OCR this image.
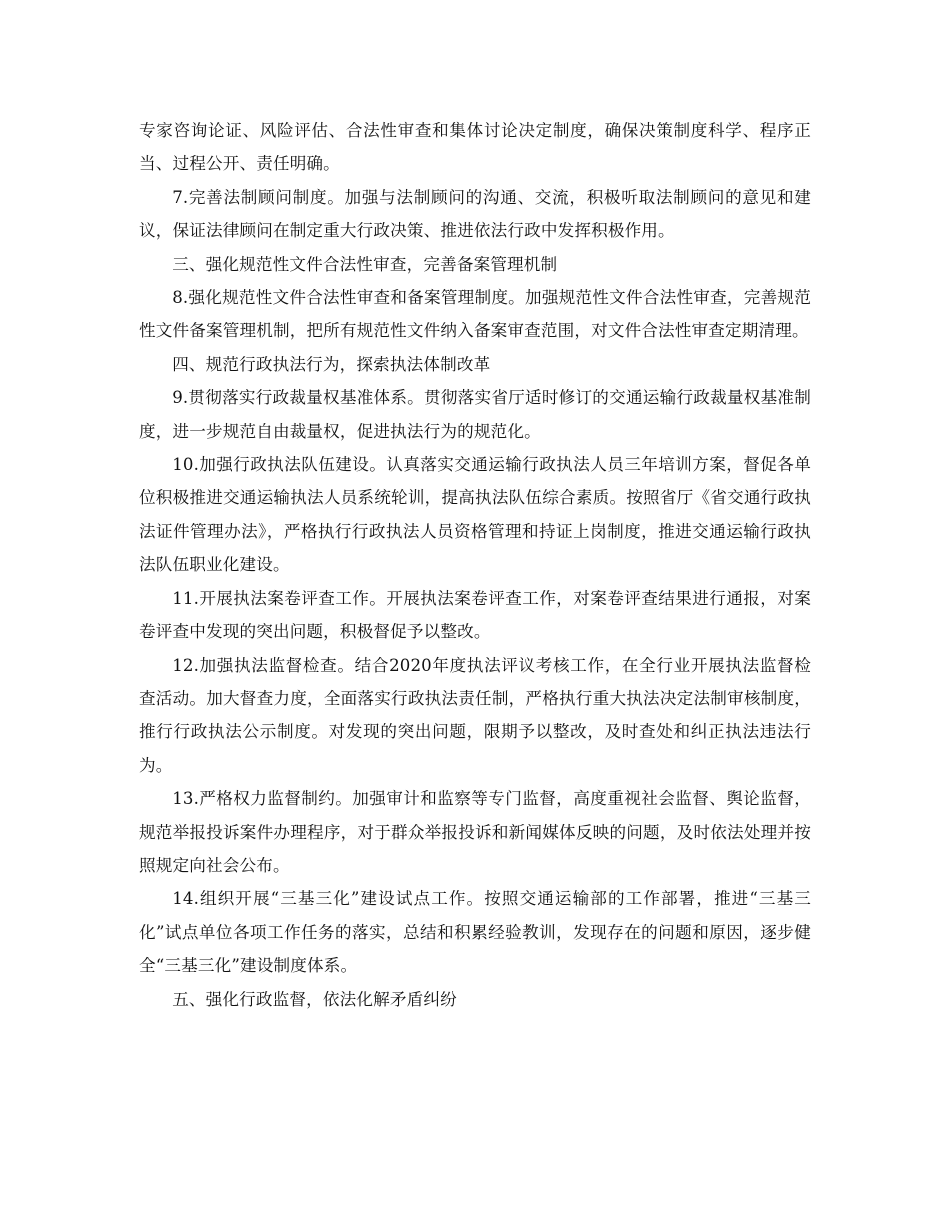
专家咨询论证、风险评估、合法性审查和集体讨论决定制度，确保决策制度科学、程序正当、过程公开、责任明确。

7.完善法制顾问制度。加强与法制顾问的沟通、交流，积极听取法制顾问的意见和建议，保证法律顾问在制定重大行政决策、推进依法行政中发挥积极作用。

三、强化规范性文件合法性审查，完善备案管理机制

8.强化规范性文件合法性审查和备案管理制度。加强规范性文件合法性审查，完善规范性文件备案管理机制，把所有规范性文件纳入备案审查范围，对文件合法性审查定期清理。

四、规范行政执法行为，探索执法体制改革

9.贯彻落实行政裁量权基准体系。贯彻落实省厅适时修订的交通运输行政裁量权基准制度，进一步规范自由裁量权，促进执法行为的规范化。

10.加强行政执法队伍建设。认真落实交通运输行政执法人员三年培训方案，督促各单位积极推进交通运输执法人员系统轮训，提高执法队伍综合素质。按照省厅《省交通行政执法证件管理办法》，严格执行行政执法人员资格管理和持证上岗制度，推进交通运输行政执法队伍职业化建设。

11.开展执法案卷评查工作。开展执法案卷评查工作，对案卷评查结果进行通报，对案卷评查中发现的突出问题，积极督促予以整改。

12.加强执法监督检查。结合2020年度执法评议考核工作，在全行业开展执法监督检查活动。加大督查力度，全面落实行政执法责任制，严格执行重大执法决定法制审核制度，推行行政执法公示制度。对发现的突出问题，限期予以整改，及时查处和纠正执法违法行为。

13.严格权力监督制约。加强审计和监察等专门监督，高度重视社会监督、舆论监督，规范举报投诉案件办理程序，对于群众举报投诉和新闻媒体反映的问题，及时依法处理并按照规定向社会公布。

14.组织开展“三基三化”建设试点工作。按照交通运输部的工作部署，推进“三基三化”试点单位各项工作任务的落实，总结和积累经验教训，发现存在的问题和原因，逐步健全“三基三化”建设制度体系。

五、强化行政监督，依法化解矛盾纠纷
